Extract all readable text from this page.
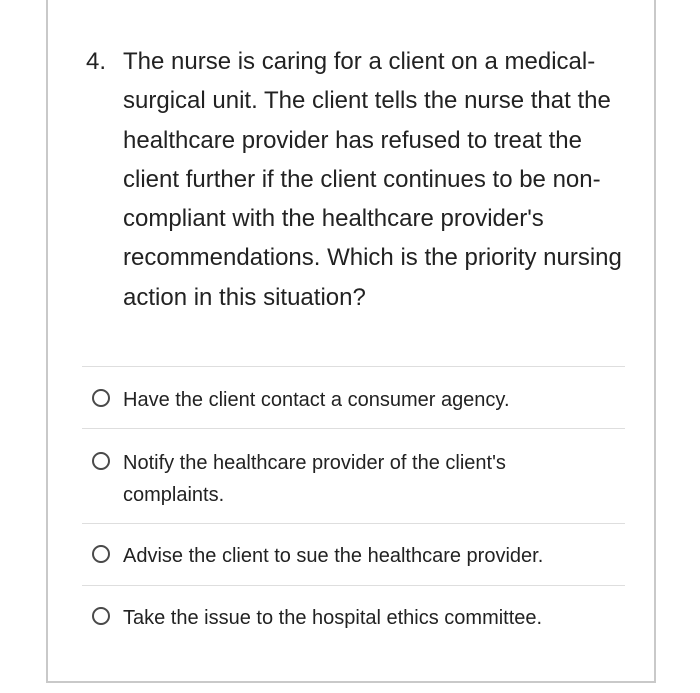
4. The nurse is caring for a client on a medical-surgical unit. The client tells the nurse that the healthcare provider has refused to treat the client further if the client continues to be non-compliant with the healthcare provider's recommendations. Which is the priority nursing action in this situation?
Have the client contact a consumer agency.
Notify the healthcare provider of the client's complaints.
Advise the client to sue the healthcare provider.
Take the issue to the hospital ethics committee.
